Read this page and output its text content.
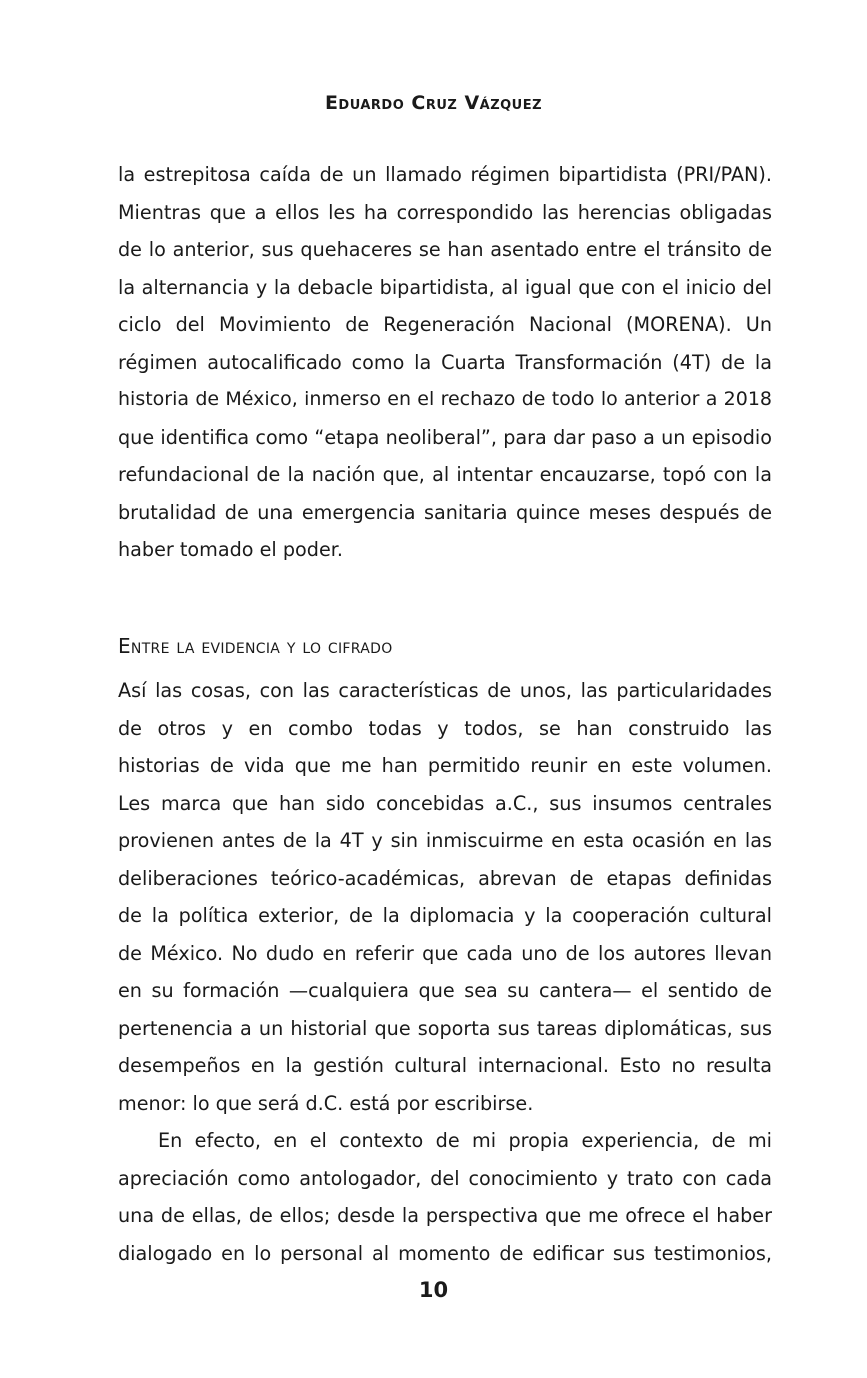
Eduardo Cruz Vázquez
la estrepitosa caída de un llamado régimen bipartidista (PRI/PAN).
Mientras que a ellos les ha correspondido las herencias obligadas
de lo anterior, sus quehaceres se han asentado entre el tránsito de
la alternancia y la debacle bipartidista, al igual que con el inicio del
ciclo del Movimiento de Regeneración Nacional (MORENA). Un
régimen autocalificado como la Cuarta Transformación (4T) de la
historia de México, inmerso en el rechazo de todo lo anterior a 2018
que identifica como “etapa neoliberal”, para dar paso a un episodio
refundacional de la nación que, al intentar encauzarse, topó con la
brutalidad de una emergencia sanitaria quince meses después de
haber tomado el poder.
Entre la evidencia y lo cifrado
Así las cosas, con las características de unos, las particularidades
de otros y en combo todas y todos, se han construido las
historias de vida que me han permitido reunir en este volumen.
Les marca que han sido concebidas a.C., sus insumos centrales
provienen antes de la 4T y sin inmiscuirme en esta ocasión en las
deliberaciones teórico-académicas, abrevan de etapas definidas
de la política exterior, de la diplomacia y la cooperación cultural
de México. No dudo en referir que cada uno de los autores llevan
en su formación —cualquiera que sea su cantera— el sentido de
pertenencia a un historial que soporta sus tareas diplomáticas, sus
desempeños en la gestión cultural internacional. Esto no resulta
menor: lo que será d.C. está por escribirse.
En efecto, en el contexto de mi propia experiencia, de mi
apreciación como antologador, del conocimiento y trato con cada
una de ellas, de ellos; desde la perspectiva que me ofrece el haber
dialogado en lo personal al momento de edificar sus testimonios,
10
